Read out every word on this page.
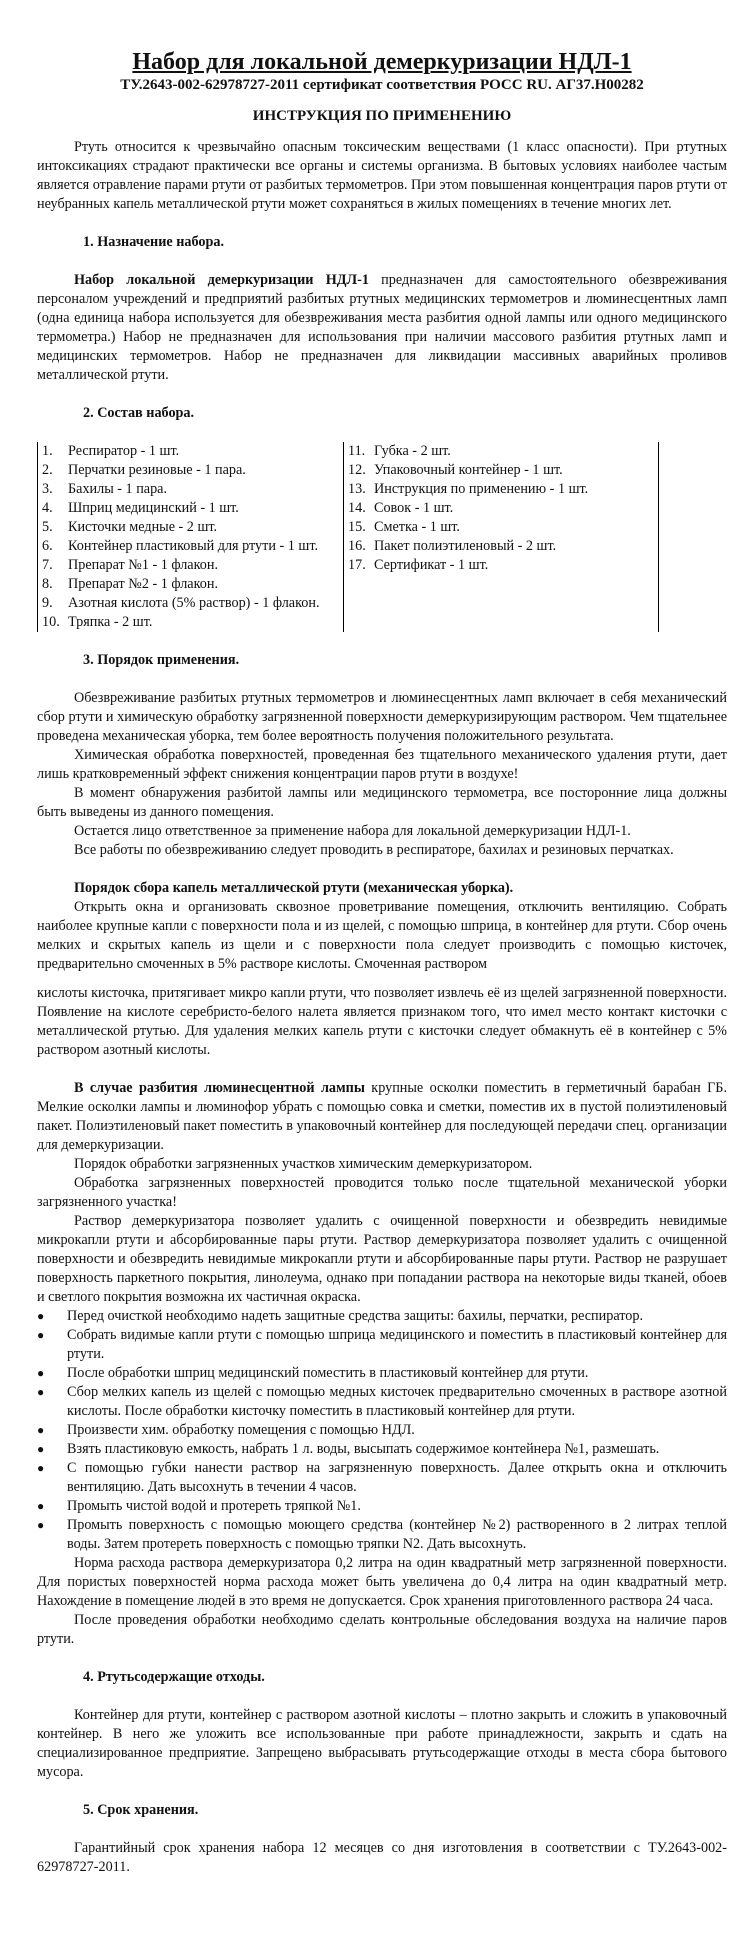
Набор для локальной демеркуризации НДЛ-1
ТУ.2643-002-62978727-2011 сертификат соответствия РОСС RU. АГ37.Н00282
ИНСТРУКЦИЯ ПО ПРИМЕНЕНИЮ

Ртуть относится к чрезвычайно опасным токсическим веществами (1 класс опасности). При ртутных интоксикациях страдают практически все органы и системы организма. В бытовых условиях наиболее частым является отравление парами ртути от разбитых термометров. При этом повышенная концентрация паров ртути от неубранных капель металлической ртути может сохраняться в жилых помещениях в течение многих лет.

1. Назначение набора.

Набор локальной демеркуризации НДЛ-1 предназначен для самостоятельного обезвреживания персоналом учреждений и предприятий разбитых ртутных медицинских термометров и люминесцентных ламп (одна единица набора используется для обезвреживания места разбития одной лампы или одного медицинского термометра.) Набор не предназначен для использования при наличии массового разбития ртутных ламп и медицинских термометров. Набор не предназначен для ликвидации массивных аварийных проливов металлической ртути.

2. Состав набора.

1.	Респиратор - 1 шт.
2.	Перчатки резиновые - 1 пара.
3.	Бахилы - 1 пара.
4.	Шприц медицинский - 1 шт.
5.	Кисточки медные - 2 шт.
6.	Контейнер пластиковый для ртути - 1 шт.
7.	Препарат №1 - 1 флакон.
8.	Препарат №2 - 1 флакон.
9.	Азотная кислота (5% раствор) - 1 флакон.
10. Тряпка - 2 шт.
11. Губка - 2 шт.
12. Упаковочный контейнер - 1 шт.
13. Инструкция по применению - 1 шт.
14. Совок - 1 шт.
15. Сметка - 1 шт.
16. Пакет полиэтиленовый - 2 шт.
17. Сертификат - 1 шт.

3. Порядок применения.

Обезвреживание разбитых ртутных термометров и люминесцентных ламп включает в себя механический сбор ртути и химическую обработку загрязненной поверхности демеркуризирующим раствором. Чем тщательнее проведена механическая уборка, тем более вероятность получения положительного результата.

Химическая обработка поверхностей, проведенная без тщательного механического удаления ртути, дает лишь кратковременный эффект снижения концентрации паров ртути в воздухе!

В момент обнаружения разбитой лампы или медицинского термометра, все посторонние лица должны быть выведены из данного помещения.

Остается лицо ответственное за применение набора для локальной демеркуризации НДЛ-1.

Все работы по обезвреживанию следует проводить в респираторе, бахилах и резиновых перчатках.

Порядок сбора капель металлической ртути (механическая уборка).

Открыть окна и организовать сквозное проветривание помещения, отключить вентиляцию. Собрать наиболее крупные капли с поверхности пола и из щелей, с помощью шприца, в контейнер для ртути. Сбор очень мелких и скрытых капель из щели и с поверхности пола следует производить с помощью кисточек, предварительно смоченных в 5% растворе кислоты. Смоченная раствором

кислоты кисточка, притягивает микро капли ртути, что позволяет извлечь её из щелей загрязненной поверхности. Появление на кислоте серебристо-белого налета является признаком того, что имел место контакт кисточки с металлической ртутью. Для удаления мелких капель ртути с кисточки следует обмакнуть её в контейнер с 5% раствором азотный кислоты.

В случае разбития люминесцентной лампы крупные осколки поместить в герметичный барабан ГБ. Мелкие осколки лампы и люминофор убрать с помощью совка и сметки, поместив их в пустой полиэтиленовый пакет. Полиэтиленовый пакет поместить в упаковочный контейнер для последующей передачи спец. организации для демеркуризации.

Порядок обработки загрязненных участков химическим демеркуризатором.

Обработка загрязненных поверхностей проводится только после тщательной механической уборки загрязненного участка!

Раствор демеркуризатора позволяет удалить с очищенной поверхности и обезвредить невидимые микрокапли ртути и абсорбированные пары ртути. Раствор демеркуризатора позволяет удалить с очищенной поверхности и обезвредить невидимые микрокапли ртути и абсорбированные пары ртути. Раствор не разрушает поверхность паркетного покрытия, линолеума, однако при попадании раствора на некоторые виды тканей, обоев и светлого покрытия возможна их частичная окраска.

●	Перед очисткой необходимо надеть защитные средства защиты: бахилы, перчатки, респиратор.
●	Собрать видимые капли ртути с помощью шприца медицинского и поместить в пластиковый контейнер для ртути.
●	После обработки шприц медицинский поместить в пластиковый контейнер для ртути.
●	Сбор мелких капель из щелей с помощью медных кисточек предварительно смоченных в растворе азотной кислоты. После обработки кисточку поместить в пластиковый контейнер для ртути.
●	Произвести хим. обработку помещения с помощью НДЛ.
●	Взять пластиковую емкость, набрать 1 л. воды, высыпать содержимое контейнера №1, размешать.
●	С помощью губки нанести раствор на загрязненную поверхность. Далее открыть окна и отключить вентиляцию. Дать высохнуть в течении 4 часов.
●	Промыть чистой водой и протереть тряпкой №1.
●	Промыть поверхность с помощью моющего средства (контейнер №2) растворенного в 2 литрах теплой воды. Затем протереть поверхность с помощью тряпки N2. Дать высохнуть.

Норма расхода раствора демеркуризатора 0,2 литра на один квадратный метр загрязненной поверхности. Для пористых поверхностей норма расхода может быть увеличена до 0,4 литра на один квадратный метр. Нахождение в помещение людей в это время не допускается. Срок хранения приготовленного раствора 24 часа.

После проведения обработки необходимо сделать контрольные обследования воздуха на наличие паров ртути.

4. Ртутьсодержащие отходы.

Контейнер для ртути, контейнер с раствором азотной кислоты – плотно закрыть и сложить в упаковочный контейнер. В него же уложить все использованные при работе принадлежности, закрыть и сдать на специализированное предприятие. Запрещено выбрасывать ртутьсодержащие отходы в места сбора бытового мусора.

5. Срок хранения.

Гарантийный срок хранения набора 12 месяцев со дня изготовления в соответствии с ТУ.2643-002-62978727-2011.
